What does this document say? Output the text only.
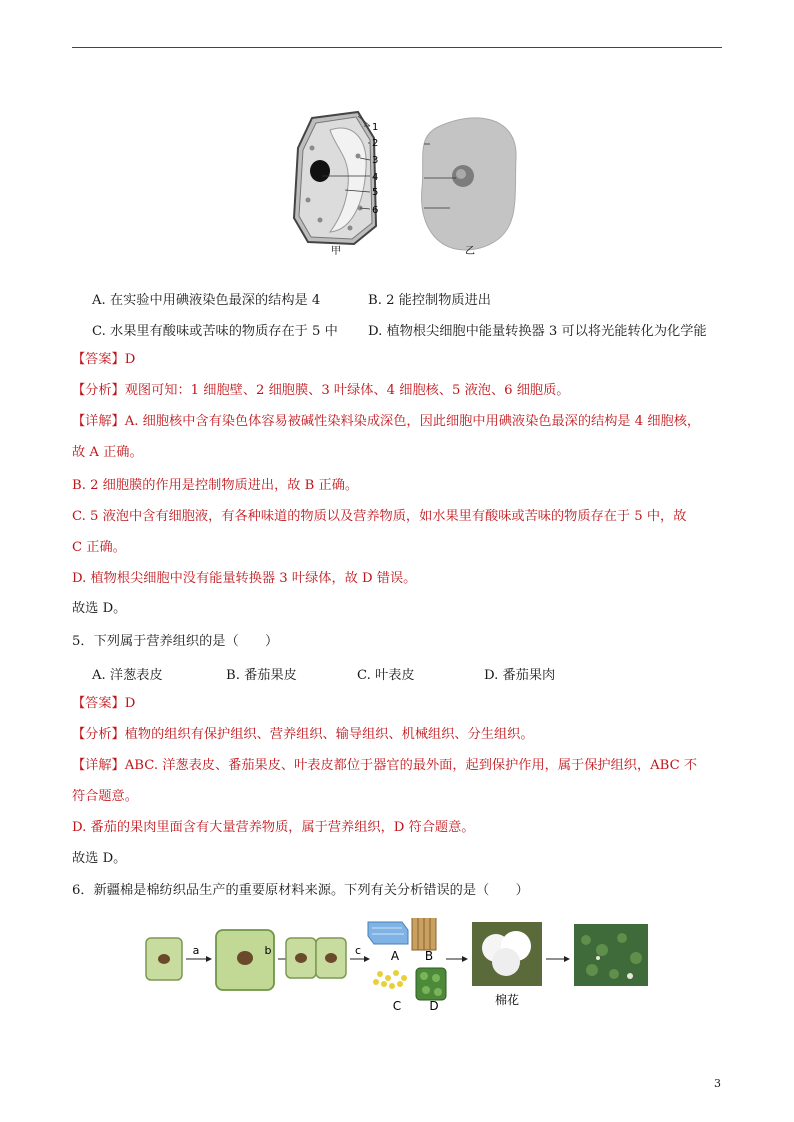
1
2
3
4
5
6
甲	乙
A. 在实验中用碘液染色最深的结构是 4	B. 2 能控制物质进出
C. 水果里有酸味或苦味的物质存在于 5 中 D. 植物根尖细胞中能量转换器 3 可以将光能转化为化学能
【答案】D
【分析】观图可知：1 细胞壁、2 细胞膜、3 叶绿体、4 细胞核、5 液泡、6 细胞质。
【详解】A. 细胞核中含有染色体容易被碱性染料染成深色，因此细胞中用碘液染色最深的结构是 4 细胞核，
故 A 正确。
B. 2 细胞膜的作用是控制物质进出，故 B 正确。
C. 5 液泡中含有细胞液，有各种味道的物质以及营养物质，如水果里有酸味或苦味的物质存在于 5 中，故
C 正确。
D. 植物根尖细胞中没有能量转换器 3 叶绿体，故 D 错误。
故选 D。
5．下列属于营养组织的是（　　）
A. 洋葱表皮	B. 番茄果皮	C. 叶表皮	D. 番茄果肉
【答案】D
【分析】植物的组织有保护组织、营养组织、输导组织、机械组织、分生组织。
【详解】ABC. 洋葱表皮、番茄果皮、叶表皮都位于器官的最外面，起到保护作用，属于保护组织，ABC 不
符合题意。
D. 番茄的果肉里面含有大量营养物质，属于营养组织，D 符合题意。
故选 D。
6．新疆棉是棉纺织品生产的重要原材料来源。下列有关分析错误的是（　　）
a	b	c A B
C D	棉花
3
